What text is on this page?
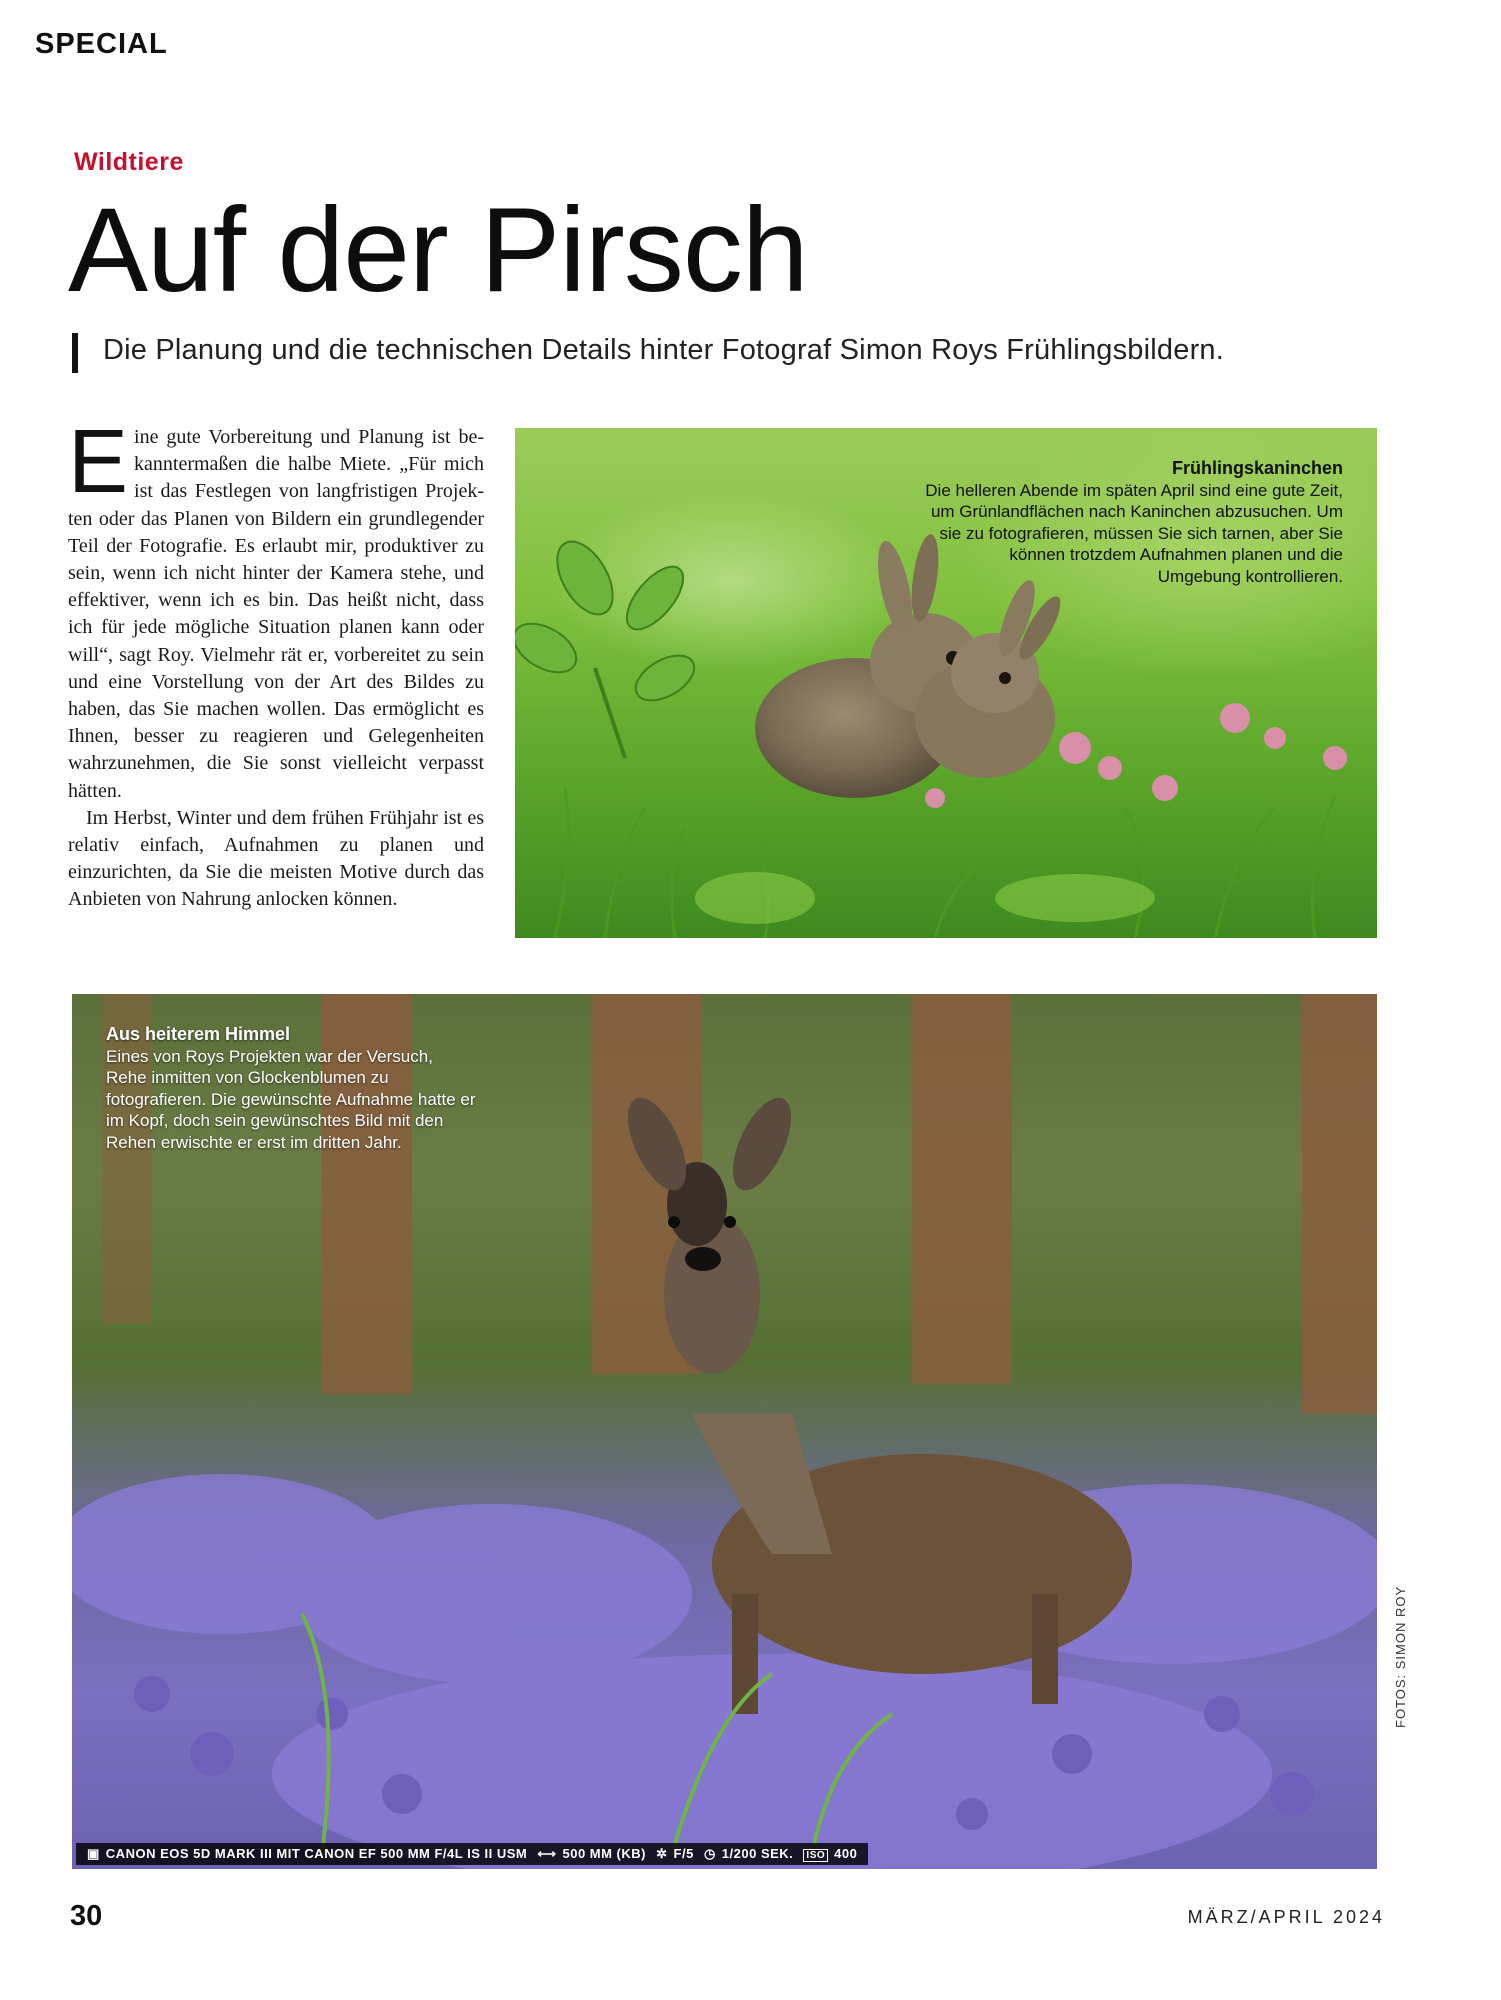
SPECIAL
Wildtiere
Auf der Pirsch
Die Planung und die technischen Details hinter Fotograf Simon Roys Frühlingsbildern.

Eine gute Vorbereitung und Planung ist bekanntermaßen die halbe Miete. „Für mich ist das Festlegen von langfristigen Projekten oder das Planen von Bildern ein grundlegender Teil der Fotografie. Es erlaubt mir, produktiver zu sein, wenn ich nicht hinter der Kamera stehe, und effektiver, wenn ich es bin. Das heißt nicht, dass ich für jede mögliche Situation planen kann oder will“, sagt Roy. Vielmehr rät er, vorbereitet zu sein und eine Vorstellung von der Art des Bildes zu haben, das Sie machen wollen. Das ermöglicht es Ihnen, besser zu reagieren und Gelegenheiten wahrzunehmen, die Sie sonst vielleicht verpasst hätten.

Im Herbst, Winter und dem frühen Frühjahr ist es relativ einfach, Aufnahmen zu planen und einzurichten, da Sie die meisten Motive durch das Anbieten von Nahrung anlocken können.

Frühlingskaninchen
Die helleren Abende im späten April sind eine gute Zeit, um Grünlandflächen nach Kaninchen abzusuchen. Um sie zu fotografieren, müssen Sie sich tarnen, aber Sie können trotzdem Aufnahmen planen und die Umgebung kontrollieren.
Aus heiterem Himmel
Eines von Roys Projekten war der Versuch, Rehe inmitten von Glockenblumen zu fotografieren. Die gewünschte Aufnahme hatte er im Kopf, doch sein gewünschtes Bild mit den Rehen erwischte er erst im dritten Jahr.
▣ CANON EOS 5D MARK III MIT CANON EF 500 MM F/4L IS II USM ⟷ 500 MM (KB) ✲ F/5 ◷ 1/200 SEK. ISO 400
FOTOS: SIMON ROY
30	MÄRZ/APRIL 2024
